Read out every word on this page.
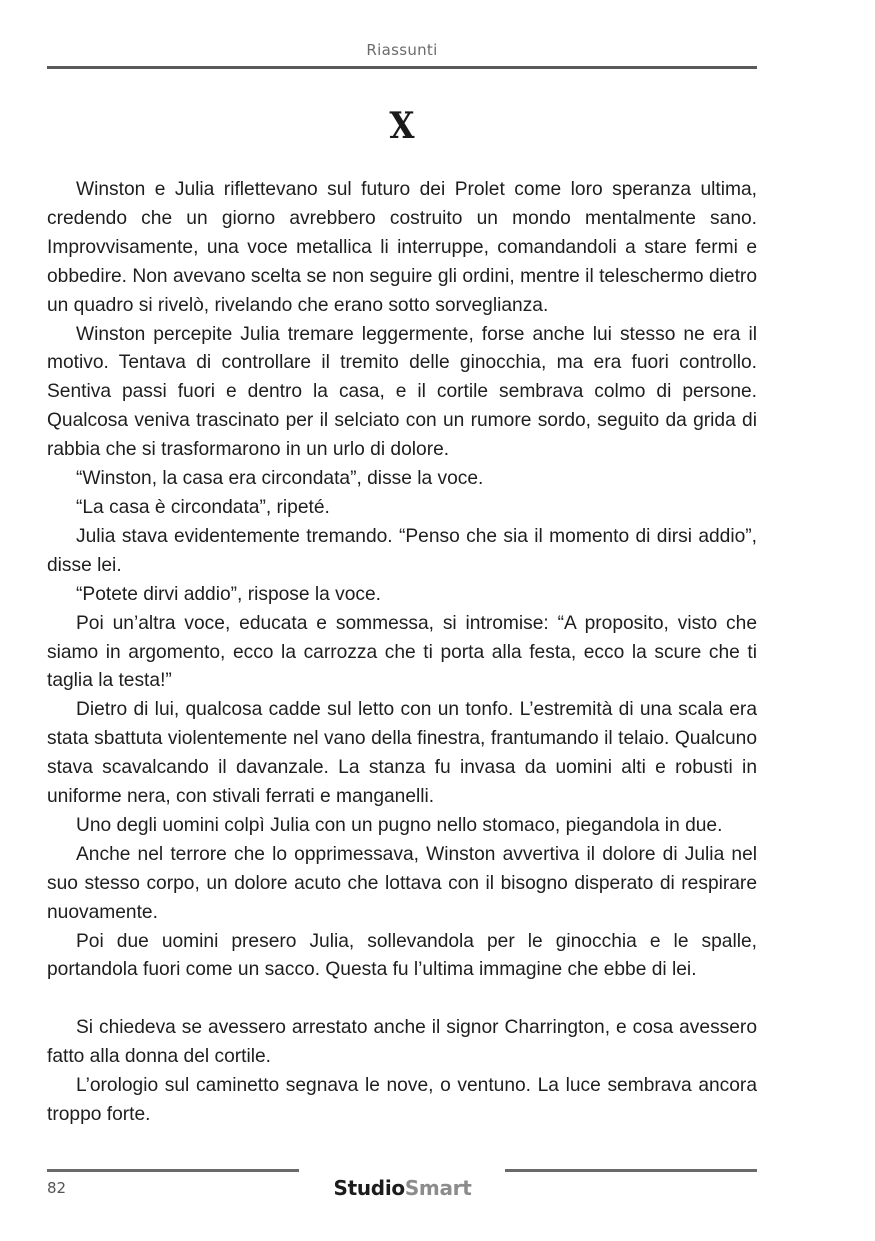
Riassunti
X

Winston e Julia riflettevano sul futuro dei Prolet come loro speranza ultima, credendo che un giorno avrebbero costruito un mondo mentalmente sano. Improvvisamente, una voce metallica li interruppe, comandandoli a stare fermi e obbedire. Non avevano scelta se non seguire gli ordini, mentre il teleschermo dietro un quadro si rivelò, rivelando che erano sotto sorveglianza.

Winston percepite Julia tremare leggermente, forse anche lui stesso ne era il motivo. Tentava di controllare il tremito delle ginocchia, ma era fuori controllo. Sentiva passi fuori e dentro la casa, e il cortile sembrava colmo di persone. Qualcosa veniva trascinato per il selciato con un rumore sordo, seguito da grida di rabbia che si trasformarono in un urlo di dolore.

“Winston, la casa era circondata”, disse la voce.

“La casa è circondata”, ripeté.

Julia stava evidentemente tremando. “Penso che sia il momento di dirsi addio”, disse lei.

“Potete dirvi addio”, rispose la voce.

Poi un’altra voce, educata e sommessa, si intromise: “A proposito, visto che siamo in argomento, ecco la carrozza che ti porta alla festa, ecco la scure che ti taglia la testa!”

Dietro di lui, qualcosa cadde sul letto con un tonfo. L’estremità di una scala era stata sbattuta violentemente nel vano della finestra, frantumando il telaio. Qualcuno stava scavalcando il davanzale. La stanza fu invasa da uomini alti e robusti in uniforme nera, con stivali ferrati e manganelli.

Uno degli uomini colpì Julia con un pugno nello stomaco, piegandola in due.

Anche nel terrore che lo opprimessava, Winston avvertiva il dolore di Julia nel suo stesso corpo, un dolore acuto che lottava con il bisogno disperato di respirare nuovamente.

Poi due uomini presero Julia, sollevandola per le ginocchia e le spalle, portandola fuori come un sacco. Questa fu l’ultima immagine che ebbe di lei.

Si chiedeva se avessero arrestato anche il signor Charrington, e cosa avessero fatto alla donna del cortile.

L’orologio sul caminetto segnava le nove, o ventuno. La luce sembrava ancora troppo forte.

82	StudioSmart
